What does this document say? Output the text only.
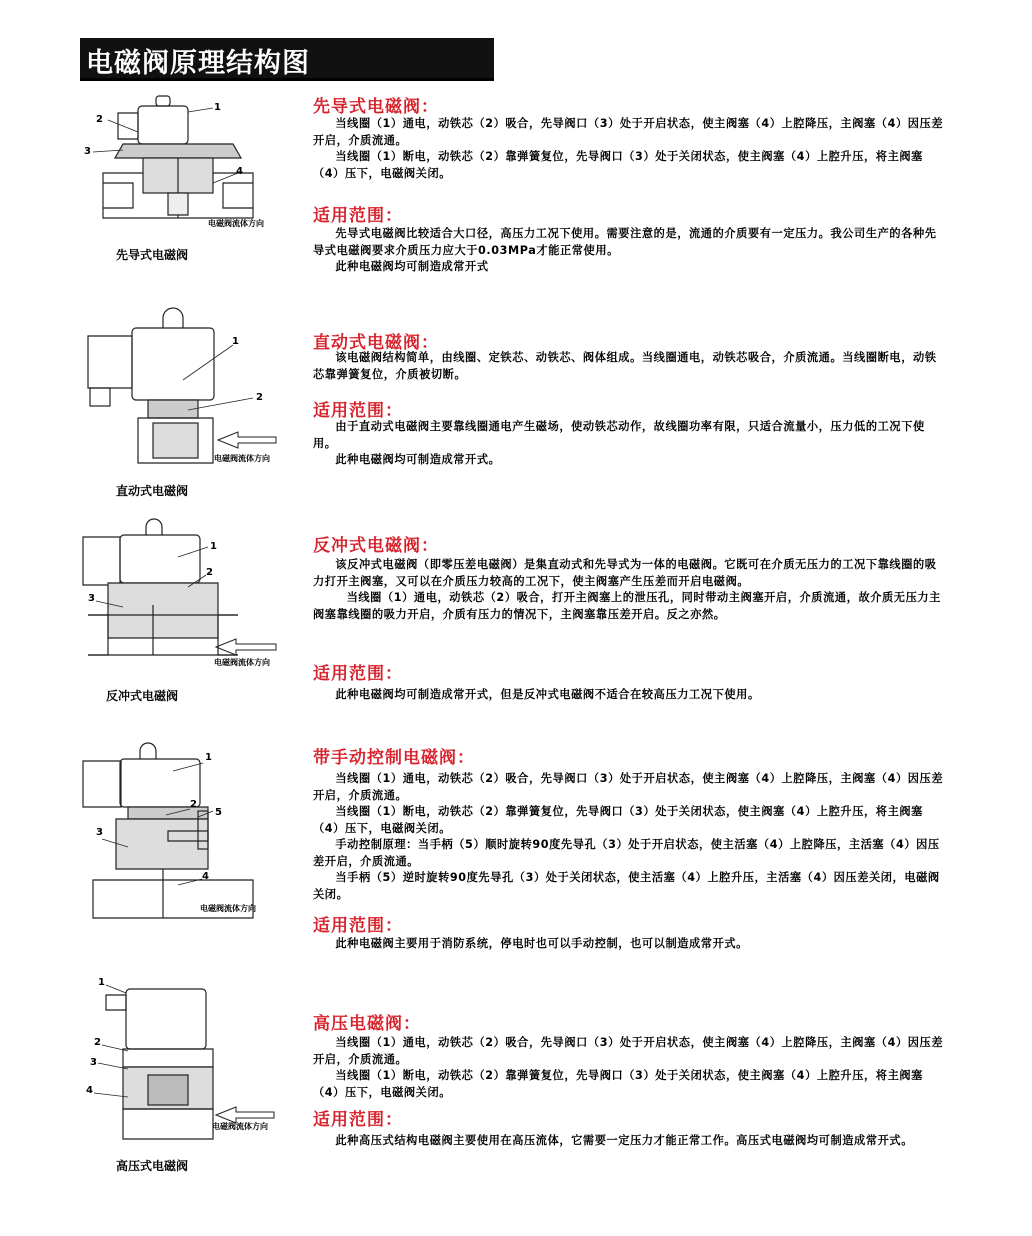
电磁阀原理结构图
1
2
3
4
电磁阀流体方向
先导式电磁阀
先导式电磁阀：

当线圈（1）通电，动铁芯（2）吸合，先导阀口（3）处于开启状态，使主阀塞（4）上腔降压，主阀塞（4）因压差开启，介质流通。

当线圈（1）断电，动铁芯（2）靠弹簧复位，先导阀口（3）处于关闭状态，使主阀塞（4）上腔升压，将主阀塞（4）压下，电磁阀关闭。

适用范围：

先导式电磁阀比较适合大口径，高压力工况下使用。需要注意的是，流通的介质要有一定压力。我公司生产的各种先导式电磁阀要求介质压力应大于0.03MPa才能正常使用。

此种电磁阀均可制造成常开式

1
2
电磁阀流体方向
直动式电磁阀
直动式电磁阀：

该电磁阀结构简单，由线圈、定铁芯、动铁芯、阀体组成。当线圈通电，动铁芯吸合，介质流通。当线圈断电，动铁芯靠弹簧复位，介质被切断。

适用范围：

由于直动式电磁阀主要靠线圈通电产生磁场，使动铁芯动作，故线圈功率有限，只适合流量小，压力低的工况下使用。

此种电磁阀均可制造成常开式。

1
2
3
电磁阀流体方向
反冲式电磁阀
反冲式电磁阀：

该反冲式电磁阀（即零压差电磁阀）是集直动式和先导式为一体的电磁阀。它既可在介质无压力的工况下靠线圈的吸力打开主阀塞，又可以在介质压力较高的工况下，使主阀塞产生压差而开启电磁阀。

当线圈（1）通电，动铁芯（2）吸合，打开主阀塞上的泄压孔，同时带动主阀塞开启，介质流通，故介质无压力主阀塞靠线圈的吸力开启，介质有压力的情况下，主阀塞靠压差开启。反之亦然。

适用范围：

此种电磁阀均可制造成常开式，但是反冲式电磁阀不适合在较高压力工况下使用。

1
2
5
3
4
电磁阀流体方向
带手动控制电磁阀：

当线圈（1）通电，动铁芯（2）吸合，先导阀口（3）处于开启状态，使主阀塞（4）上腔降压，主阀塞（4）因压差开启，介质流通。

当线圈（1）断电，动铁芯（2）靠弹簧复位，先导阀口（3）处于关闭状态，使主阀塞（4）上腔升压，将主阀塞（4）压下，电磁阀关闭。

手动控制原理：当手柄（5）顺时旋转90度先导孔（3）处于开启状态，使主活塞（4）上腔降压，主活塞（4）因压差开启，介质流通。

当手柄（5）逆时旋转90度先导孔（3）处于关闭状态，使主活塞（4）上腔升压，主活塞（4）因压差关闭，电磁阀关闭。

适用范围：

此种电磁阀主要用于消防系统，停电时也可以手动控制，也可以制造成常开式。

1
2
3
4
电磁阀流体方向
高压式电磁阀
高压电磁阀：

当线圈（1）通电，动铁芯（2）吸合，先导阀口（3）处于开启状态，使主阀塞（4）上腔降压，主阀塞（4）因压差开启，介质流通。

当线圈（1）断电，动铁芯（2）靠弹簧复位，先导阀口（3）处于关闭状态，使主阀塞（4）上腔升压，将主阀塞（4）压下，电磁阀关闭。

适用范围：

此种高压式结构电磁阀主要使用在高压流体，它需要一定压力才能正常工作。高压式电磁阀均可制造成常开式。
